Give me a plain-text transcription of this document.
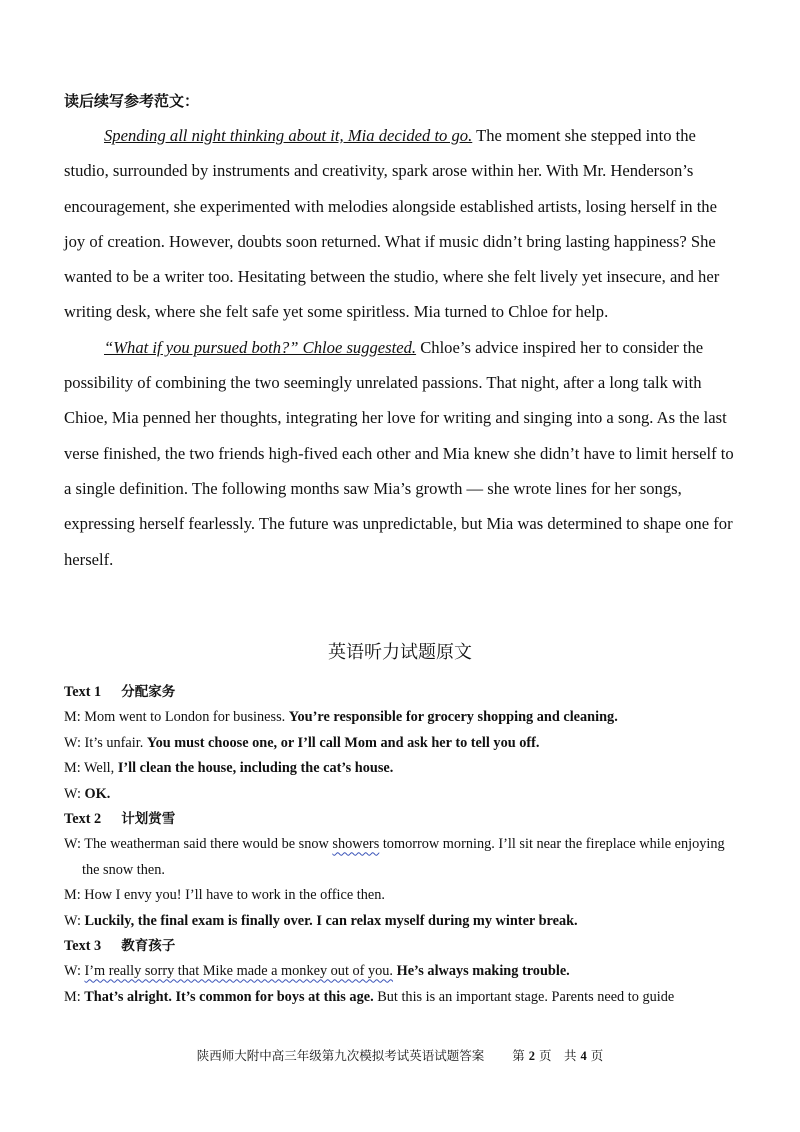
读后续写参考范文：

Spending all night thinking about it, Mia decided to go. The moment she stepped into the studio, surrounded by instruments and creativity, spark arose within her. With Mr. Henderson’s encouragement, she experimented with melodies alongside established artists, losing herself in the joy of creation. However, doubts soon returned. What if music didn’t bring lasting happiness? She wanted to be a writer too. Hesitating between the studio, where she felt lively yet insecure, and her writing desk, where she felt safe yet some spiritless. Mia turned to Chloe for help.

“What if you pursued both?” Chloe suggested. Chloe’s advice inspired her to consider the possibility of combining the two seemingly unrelated passions. That night, after a long talk with Chioe, Mia penned her thoughts, integrating her love for writing and singing into a song. As the last verse finished, the two friends high-fived each other and Mia knew she didn’t have to limit herself to a single definition. The following months saw Mia’s growth — she wrote lines for her songs, expressing herself fearlessly. The future was unpredictable, but Mia was determined to shape one for herself.

英语听力试题原文
Text 1 分配家务
M: Mom went to London for business. You’re responsible for grocery shopping and cleaning.
W: It’s unfair. You must choose one, or I’ll call Mom and ask her to tell you off.
M: Well, I’ll clean the house, including the cat’s house.
W: OK.
Text 2 计划赏雪
W: The weatherman said there would be snow showers tomorrow morning. I’ll sit near the fireplace while enjoying the snow then.
M: How I envy you! I’ll have to work in the office then.
W: Luckily, the final exam is finally over. I can relax myself during my winter break.
Text 3 教育孩子
W: I’m really sorry that Mike made a monkey out of you. He’s always making trouble.
M: That’s alright. It’s common for boys at this age. But this is an important stage. Parents need to guide
陕西师大附中高三年级第九次模拟考试英语试题答案 第 2 页　共 4 页
